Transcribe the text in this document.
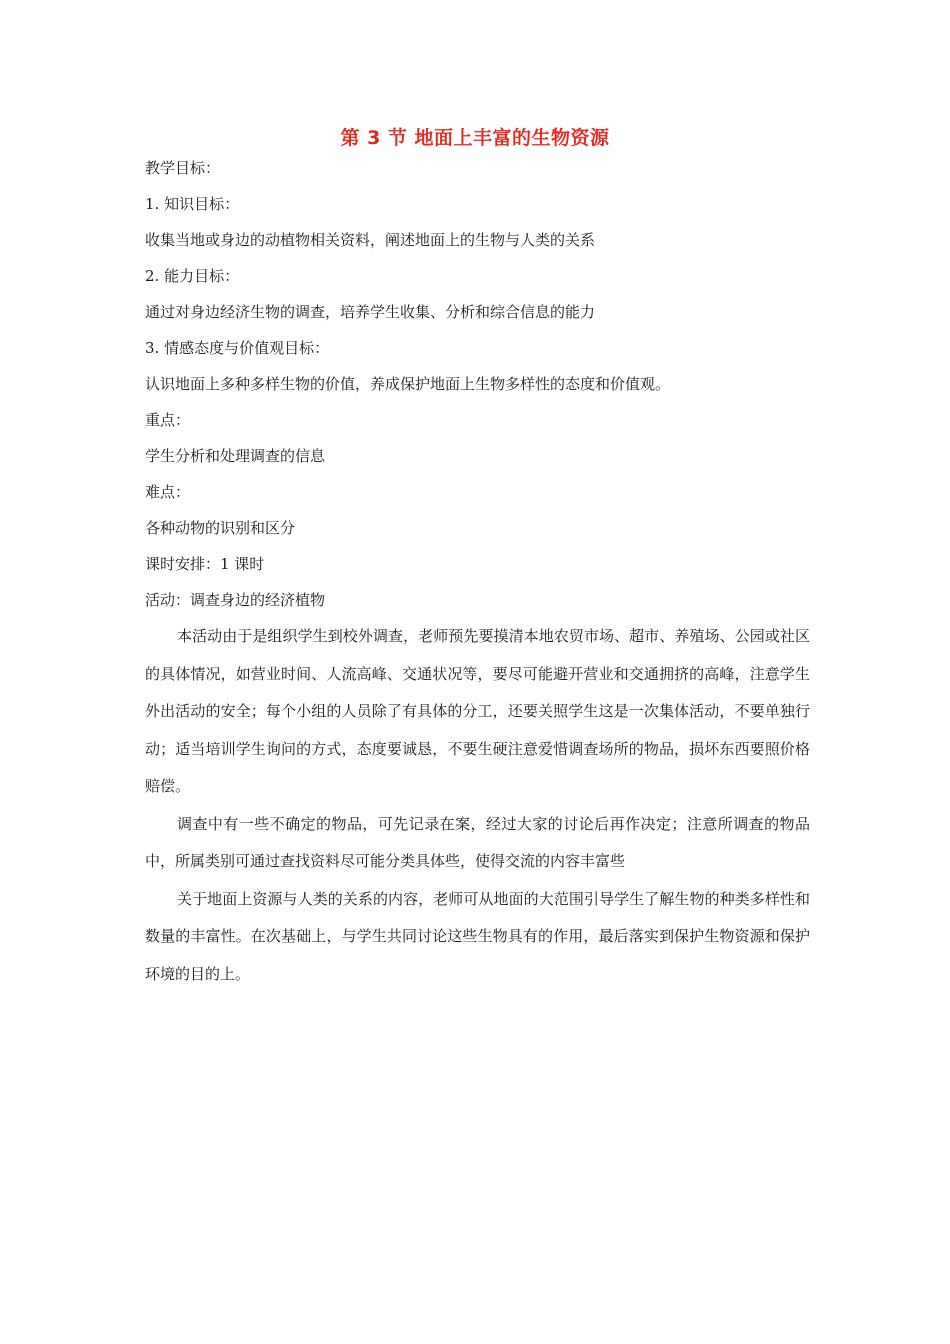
第 3 节 地面上丰富的生物资源
教学目标：
1. 知识目标：
收集当地或身边的动植物相关资料，阐述地面上的生物与人类的关系
2. 能力目标：
通过对身边经济生物的调查，培养学生收集、分析和综合信息的能力
3. 情感态度与价值观目标：
认识地面上多种多样生物的价值，养成保护地面上生物多样性的态度和价值观。
重点：
学生分析和处理调查的信息
难点：
各种动物的识别和区分
课时安排：1 课时
活动：调查身边的经济植物

本活动由于是组织学生到校外调查，老师预先要摸清本地农贸市场、超市、养殖场、公园或社区的具体情况，如营业时间、人流高峰、交通状况等，要尽可能避开营业和交通拥挤的高峰，注意学生外出活动的安全；每个小组的人员除了有具体的分工，还要关照学生这是一次集体活动，不要单独行动；适当培训学生询问的方式，态度要诚恳，不要生硬注意爱惜调查场所的物品，损坏东西要照价格赔偿。

调查中有一些不确定的物品，可先记录在案，经过大家的讨论后再作决定；注意所调查的物品中，所属类别可通过查找资料尽可能分类具体些，使得交流的内容丰富些

关于地面上资源与人类的关系的内容，老师可从地面的大范围引导学生了解生物的种类多样性和数量的丰富性。在次基础上，与学生共同讨论这些生物具有的作用，最后落实到保护生物资源和保护环境的目的上。
